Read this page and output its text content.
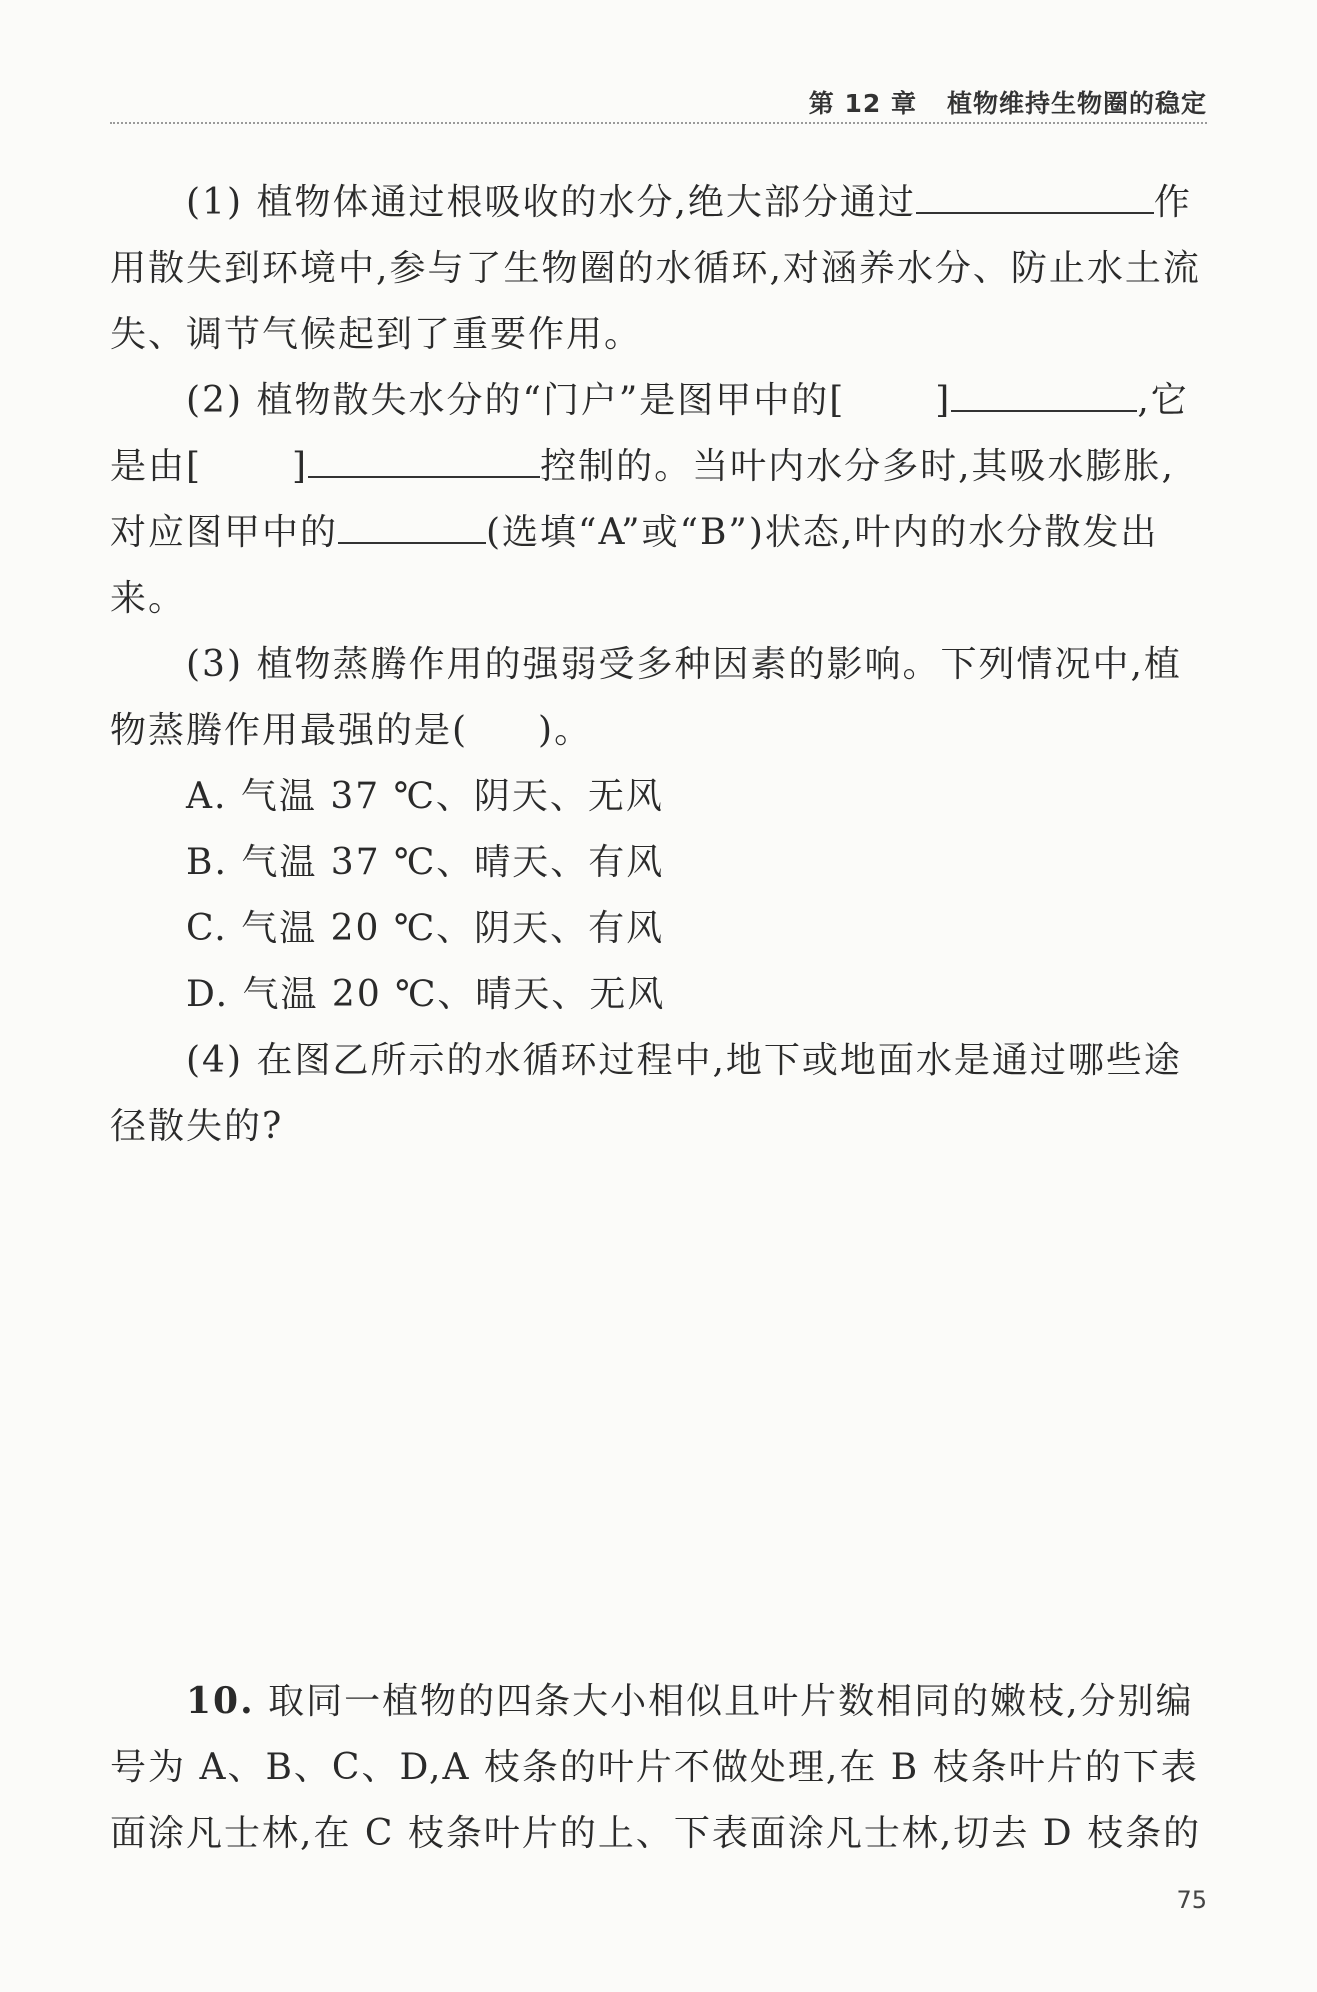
第 12 章 植物维持生物圈的稳定

(1) 植物体通过根吸收的水分,绝大部分通过	作用散失到环境中,参与了生物圈的水循环,对涵养水分、防止水土流失、调节气候起到了重要作用。

(2) 植物散失水分的“门户”是图甲中的[	]	,它是由[	]	控制的。当叶内水分多时,其吸水膨胀,对应图甲中的	(选填“A”或“B”)状态,叶内的水分散发出来。

(3) 植物蒸腾作用的强弱受多种因素的影响。下列情况中,植物蒸腾作用最强的是( )。

A. 气温 37 ℃、阴天、无风

B. 气温 37 ℃、晴天、有风

C. 气温 20 ℃、阴天、有风

D. 气温 20 ℃、晴天、无风

(4) 在图乙所示的水循环过程中,地下或地面水是通过哪些途径散失的?

10. 取同一植物的四条大小相似且叶片数相同的嫩枝,分别编号为 A、B、C、D,A 枝条的叶片不做处理,在 B 枝条叶片的下表面涂凡士林,在 C 枝条叶片的上、下表面涂凡士林,切去 D 枝条的

75
